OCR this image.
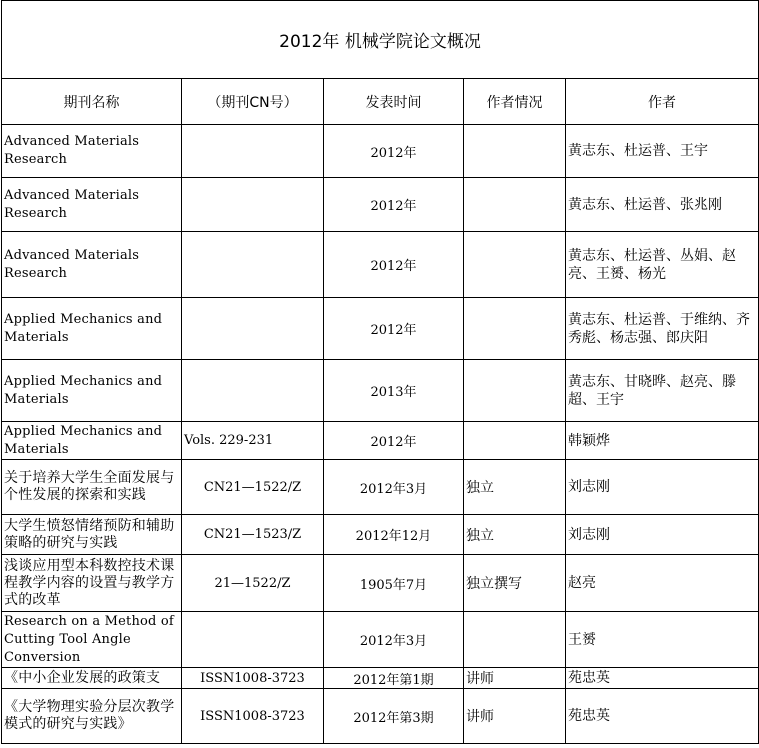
2012年 机械学院论文概况				
期刊名称	（期刊CN号）	发表时间	作者情况	作者
Advanced Materials Research		2012年		黄志东、杜运普、王宇
Advanced Materials Research		2012年		黄志东、杜运普、张兆刚
Advanced Materials Research		2012年		黄志东、杜运普、丛娟、赵亮、王赟、杨光
Applied Mechanics and Materials		2012年		黄志东、杜运普、于维纳、齐秀彪、杨志强、郎庆阳
Applied Mechanics and Materials		2013年		黄志东、甘晓晔、赵亮、滕超、王宇
Applied Mechanics and Materials	Vols. 229-231	2012年		韩颖烨
关于培养大学生全面发展与个性发展的探索和实践	CN21—1522/Z	2012年3月	独立	刘志刚
大学生愤怒情绪预防和辅助策略的研究与实践	CN21—1523/Z	2012年12月	独立	刘志刚
浅谈应用型本科数控技术课程教学内容的设置与教学方式的改革	21—1522/Z	1905年7月	独立撰写	赵亮
Research on a Method of Cutting Tool Angle Conversion		2012年3月		王赟
《中小企业发展的政策支	ISSN1008-3723	2012年第1期	讲师	苑忠英
《大学物理实验分层次教学模式的研究与实践》	ISSN1008-3723	2012年第3期	讲师	苑忠英
